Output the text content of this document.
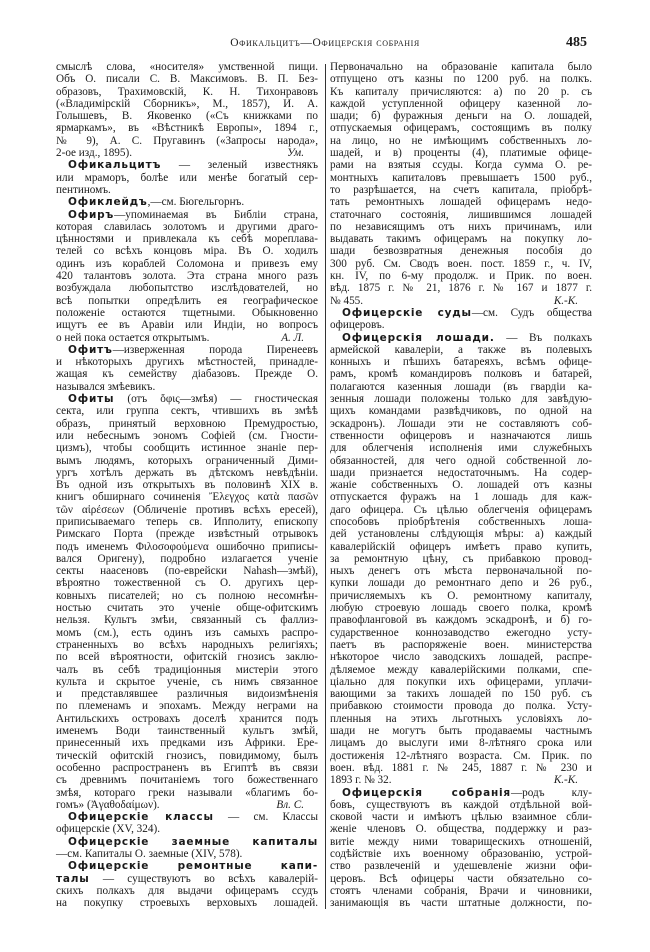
Офикальцитъ—Офицерскія собранія	485
смыслѣ слова, «носителя» умственной пищи.
Объ О. писали С. В. Максимовъ. В. П. Без-
образовъ, Трахимовскій, К. Н. Тихонравовъ
(«Владимірскій Сборникъ», М., 1857), И. А.
Голышевъ, В. Яковенко («Съ книжками по
ярмаркамъ», въ «Вѣстникѣ Европы», 1894 г.,
№ 9), А. С. Пругавинъ («Запросы народа»,
2-ое изд., 1895).	Ум.
Офикальцитъ — зеленый известнякъ
или мраморъ, болѣе или менѣе богатый сер-
пентиномъ.
Офиклейдъ,—см. Бюгельгорнъ.
Офиръ—упоминаемая въ Библіи страна,
которая славилась золотомъ и другими драго-
цѣнностями и привлекала къ себѣ мореплава-
телей со всѣхъ концовъ міра. Въ О. ходилъ
одинъ изъ кораблей Соломона и привезъ ему
420 талантовъ золота. Эта страна много разъ
возбуждала любопытство изслѣдователей, но
всѣ попытки опредѣлить ея географическое
положеніе остаются тщетными. Обыкновенно
ищутъ ее въ Аравіи или Индіи, но вопросъ
о ней пока остается открытымъ.	А. Л.
Офитъ—изверженная порода Пиренеевъ
и нѣкоторыхъ другихъ мѣстностей, принадле-
жащая къ семейству діабазовъ. Прежде О.
назывался змѣевикъ.
Офиты (отъ ὄφις—змѣя) — гностическая
секта, или группа сектъ, чтившихъ въ змѣѣ
образъ, принятый верховною Премудростью,
или небеснымъ эономъ Софіей (см. Гности-
цизмъ), чтобы сообщить истинное знаніе пер-
вымъ людямъ, которыхъ ограниченный Дими-
ургъ хотѣлъ держать въ дѣтскомъ невѣдѣніи.
Въ одной изъ открытыхъ въ половинѣ XIX в.
книгъ обширнаго сочиненія Ἔλεγχος κατὰ πασῶν
τῶν αἱρέσεων (Обличеніе противъ всѣхъ ересей),
приписываемаго теперь св. Ипполиту, епископу
Римскаго Порта (прежде извѣстный отрывокъ
подъ именемъ Φιλοσοφούμενα ошибочно приписы-
вался Оригену), подробно излагается ученіе
секты наасеновъ (по-еврейски Nahash—змѣй),
вѣроятно тожественной съ О. другихъ цер-
ковныхъ писателей; но съ полною несомнѣн-
ностью считать это ученіе обще-офитскимъ
нельзя. Культъ змѣи, связанный съ фаллиз-
момъ (см.), есть одинъ изъ самыхъ распро-
страненныхъ во всѣхъ народныхъ религіяхъ;
по всей вѣроятности, офитскій гнозисъ заклю-
чалъ въ себѣ традиціонныя мистеріи этого
культа и скрытое ученіе, съ нимъ связанное
и представлявшее различныя видоизмѣненія
по племенамъ и эпохамъ. Между неграми на
Антильскихъ островахъ доселѣ хранится подъ
именемъ Води таинственный культъ змѣй,
принесенный ихъ предками изъ Африки. Ере-
тическій офитскій гнозисъ, повидимому, былъ
особенно распространенъ въ Египтѣ въ связи
съ древнимъ почитаніемъ того божественнаго
змѣя, котораго греки называли «благимъ бо-
гомъ» (Ἀγαθοδαίμων).	Вл. С.
Офицерскіе классы — см. Классы
офицерскіе (XV, 324).
Офицерскіе заемные капиталы
—см. Капиталы О. заемные (XIV, 578).
Офицерскіе ремонтные капи-
талы — существуютъ во всѣхъ кавалерій-
скихъ полкахъ для выдачи офицерамъ ссудъ
на покупку строевыхъ верховыхъ лошадей.
Первоначально на образованіе капитала было
отпущено отъ казны по 1200 руб. на полкъ.
Къ капиталу причисляются: а) по 20 р. съ
каждой уступленной офицеру казенной ло-
шади; б) фуражныя деньги на О. лошадей,
отпускаемыя офицерамъ, состоящимъ въ полку
на лицо, но не имѣющимъ собственныхъ ло-
шадей, и в) проценты (4), платимые офице-
рами на взятыя ссуды. Когда сумма О. ре-
монтныхъ капиталовъ превышаетъ 1500 руб.,
то разрѣшается, на счетъ капитала, пріобрѣ-
тать ремонтныхъ лошадей офицерамъ недо-
статочнаго состоянія, лишившимся лошадей
по независящимъ отъ нихъ причинамъ, или
выдавать такимъ офицерамъ на покупку ло-
шади безвозвратныя денежныя пособія до
300 руб. См. Сводъ воен. пост. 1859 г., ч. IV,
кн. IV, по 6-му продолж. и Прик. по воен.
вѣд. 1875 г. № 21, 1876 г. № 167 и 1877 г.
№ 455.	К.-К.
Офицерскіе суды—см. Судъ общества
офицеровъ.
Офицерскія лошади. — Въ полкахъ
армейской кавалеріи, а также въ полевыхъ
конныхъ и пѣшихъ батареяхъ, всѣмъ офице-
рамъ, кромѣ командировъ полковъ и батарей,
полагаются казенныя лошади (въ гвардіи ка-
зенныя лошади положены только для завѣдую-
щихъ командами развѣдчиковъ, по одной на
эскадронъ). Лошади эти не составляютъ соб-
ственности офицеровъ и назначаются лишь
для облегченія исполненія ими служебныхъ
обязанностей, для чего одной собственной ло-
шади признается недостаточнымъ. На содер-
жаніе собственныхъ О. лошадей отъ казны
отпускается фуражъ на 1 лошадь для каж-
даго офицера. Съ цѣлью облегченія офицерамъ
способовъ пріобрѣтенія собственныхъ лоша-
дей установлены слѣдующія мѣры: а) каждый
кавалерійскій офицеръ имѣетъ право купить,
за ремонтную цѣну, съ прибавкою провод-
ныхъ денегъ отъ мѣста первоначальной по-
купки лошади до ремонтнаго депо и 26 руб.,
причисляемыхъ къ О. ремонтному капиталу,
любую строевую лошадь своего полка, кромѣ
правофланговой въ каждомъ эскадронѣ, и б) го-
сударственное коннозаводство ежегодно усту-
паетъ въ распоряженіе воен. министерства
нѣкоторое число заводскихъ лошадей, распре-
дѣляемое между кавалерійскими полками, спе-
ціально для покупки ихъ офицерами, уплачи-
вающими за такихъ лошадей по 150 руб. съ
прибавкою стоимости провода до полка. Усту-
пленныя на этихъ льготныхъ условіяхъ ло-
шади не могутъ быть продаваемы частнымъ
лицамъ до выслуги ими 8-лѣтняго срока или
достиженія 12-лѣтняго возраста. См. Прик. по
воен. вѣд. 1881 г. № 245, 1887 г. № 230 и
1893 г. № 32.	К.-К.
Офицерскія собранія—родъ клу-
бовъ, существуютъ въ каждой отдѣльной вой-
сковой части и имѣютъ цѣлью взаимное сбли-
женіе членовъ О. общества, поддержку и раз-
витіе между ними товарищескихъ отношеній,
содѣйствіе ихъ военному образованію, устрой-
ство развлеченій и удешевленіе жизни офи-
церовъ. Всѣ офицеры части обязательно со-
стоятъ членами собранія, Врачи и чиновники,
занимающія въ части штатные должности, по-
